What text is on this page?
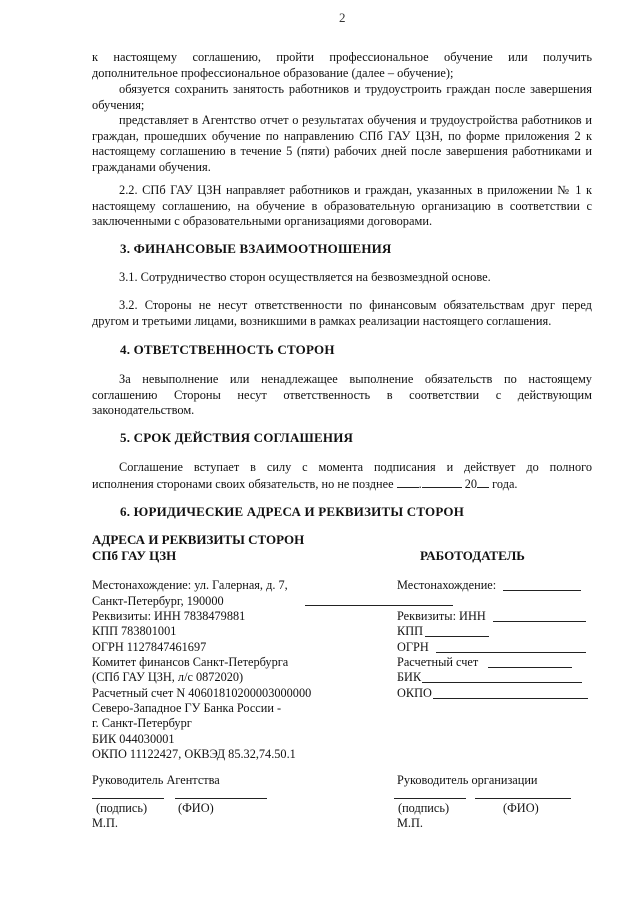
2
к настоящему соглашению, пройти профессиональное обучение или получить дополнительное профессиональное образование (далее – обучение);
обязуется сохранить занятость работников и трудоустроить граждан после завершения обучения;
представляет в Агентство отчет о результатах обучения и трудоустройства работников и граждан, прошедших обучение по направлению СПб ГАУ ЦЗН, по форме приложения 2 к настоящему соглашению в течение 5 (пяти) рабочих дней после завершения работниками и гражданами обучения.
2.2. СПб ГАУ ЦЗН направляет работников и граждан, указанных в приложении № 1 к настоящему соглашению, на обучение в образовательную организацию в соответствии с заключенными с образовательными организациями договорами.
3. ФИНАНСОВЫЕ ВЗАИМООТНОШЕНИЯ
3.1. Сотрудничество сторон осуществляется на безвозмездной основе.
3.2. Стороны не несут ответственности по финансовым обязательствам друг перед другом и третьими лицами, возникшими в рамках реализации настоящего соглашения.
4. ОТВЕТСТВЕННОСТЬ СТОРОН
За невыполнение или ненадлежащее выполнение обязательств по настоящему соглашению Стороны несут ответственность в соответствии с действующим законодательством.
5. СРОК ДЕЙСТВИЯ СОГЛАШЕНИЯ
Соглашение вступает в силу с момента подписания и действует до полного
исполнения сторонами своих обязательств, но не позднее .	20 года.
6. ЮРИДИЧЕСКИЕ АДРЕСА И РЕКВИЗИТЫ СТОРОН
АДРЕСА И РЕКВИЗИТЫ СТОРОН
СПб ГАУ ЦЗН
Местонахождение: ул. Галерная, д. 7,
Санкт-Петербург, 190000
Реквизиты: ИНН 7838479881
КПП 783801001
ОГРН 1127847461697
Комитет финансов Санкт-Петербурга
(СПб ГАУ ЦЗН, л/с 0872020)
Расчетный счет N 40601810200003000000
Северо-Западное ГУ Банка России -
г. Санкт-Петербург
БИК 044030001
ОКПО 11122427, ОКВЭД 85.32,74.50.1
Руководитель Агентства
(подпись)	(ФИО)
М.П.
РАБОТОДАТЕЛЬ
Местонахождение:
Реквизиты: ИНН
КПП
ОГРН
Расчетный счет
БИК
ОКПО
Руководитель организации
(подпись)	(ФИО)
М.П.
